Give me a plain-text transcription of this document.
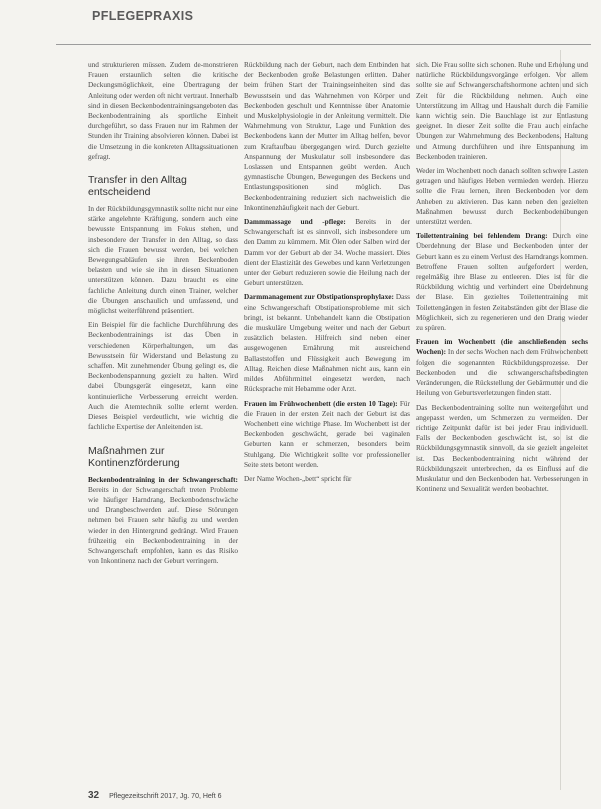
PFLEGEPRAXIS

und strukturieren müssen. Zudem de-monstrieren Frauen erstaunlich selten die kritische Deckungsmöglichkeit, eine Übertragung der Anleitung oder werden oft nicht vertraut. Innerhalb sind in diesen Beckenbodentrainingsangeboten das Beckenbodentraining als sportliche Einheit durchgeführt, so dass Frauen nur im Rahmen der Stunden ihr Training absolvieren können. Dabei ist die Umsetzung in die konkreten Alltagssituationen gefragt.

Transfer in den Alltag entscheidend

In der Rückbildungsgymnastik sollte nicht nur eine stärke angelehnte Kräftigung, sondern auch eine bewusste Entspannung im Fokus stehen, und insbesondere der Transfer in den Alltag, so dass sich die Frauen bewusst werden, bei welchen Bewegungsabläufen sie ihren Beckenboden belasten und wie sie ihn in diesen Situationen unterstützen können. Dazu braucht es eine fachliche Anleitung durch einen Trainer, welcher die Übungen anschaulich und umfassend, und möglichst weiterführend präsentiert.

Ein Beispiel für die fachliche Durchführung des Beckenbodentrainings ist das Üben in verschiedenen Körperhaltungen, um das Bewusstsein für Widerstand und Belastung zu schaffen. Mit zunehmender Übung gelingt es, die Beckenbodenspannung gezielt zu halten. Wird dabei Übungsgerät eingesetzt, kann eine kontinuierliche Verbesserung erreicht werden. Auch die Atemtechnik sollte erlernt werden. Dieses Beispiel verdeutlicht, wie wichtig die fachliche Expertise der Anleitenden ist.

Maßnahmen zur Kontinenzförderung

Beckenbodentraining in der Schwangerschaft: Bereits in der Schwangerschaft treten Probleme wie häufiger Harndrang, Beckenbodenschwäche und Drangbeschwerden auf. Diese Störungen nehmen bei Frauen sehr häufig zu und werden wieder in den Hintergrund gedrängt. Wird Frauen frühzeitig ein Beckenbodentraining in der Schwangerschaft empfohlen, kann es das Risiko von Inkontinenz nach der Geburt verringern.

Rückbildung nach der Geburt, nach dem Entbinden hat der Beckenboden große Belastungen erlitten. Daher beim frühen Start der Trainingseinheiten sind das Bewusstsein und das Wahrnehmen von Körper und Beckenboden geschult und Kenntnisse über Anatomie und Muskelphysiologie in der Anleitung vermittelt. Die Wahrnehmung von Struktur, Lage und Funktion des Beckenbodens kann der Mutter im Alltag helfen, bevor zum Kraftaufbau übergegangen wird. Durch gezielte Anspannung der Muskulatur soll insbesondere das Loslassen und Entspannen geübt werden. Auch gymnastische Übungen, Bewegungen des Beckens und Entlastungspositionen sind möglich. Das Beckenbodentraining reduziert sich nachweislich die Inkontinenzhäufigkeit nach der Geburt.

Dammmassage und -pflege: Bereits in der Schwangerschaft ist es sinnvoll, sich insbesondere um den Damm zu kümmern. Mit Ölen oder Salben wird der Damm vor der Geburt ab der 34. Woche massiert. Dies dient der Elastizität des Gewebes und kann Verletzungen unter der Geburt reduzieren sowie die Heilung nach der Geburt unterstützen.

Darmmanagement zur Obstipationsprophylaxe: Dass eine Schwangerschaft Obstipationsprobleme mit sich bringt, ist bekannt. Unbehandelt kann die Obstipation die muskuläre Umgebung weiter und nach der Geburt zusätzlich belasten. Hilfreich sind neben einer ausgewogenen Ernährung mit ausreichend Ballaststoffen und Flüssigkeit auch Bewegung im Alltag. Reichen diese Maßnahmen nicht aus, kann ein mildes Abführmittel eingesetzt werden, nach Rücksprache mit Hebamme oder Arzt.

Frauen im Frühwochenbett (die ersten 10 Tage): Für die Frauen in der ersten Zeit nach der Geburt ist das Wochenbett eine wichtige Phase. Im Wochenbett ist der Beckenboden geschwächt, gerade bei vaginalen Geburten kann er schmerzen, besonders beim Stuhlgang. Die Wichtigkeit sollte vor professioneller Seite stets betont werden.

Der Name Wochen-„bett“ spricht für

sich. Die Frau sollte sich schonen. Ruhe und Erholung und natürliche Rückbildungsvorgänge erfolgen. Vor allem sollte sie auf Schwangerschaftshormone achten und sich Zeit für die Rückbildung nehmen. Auch eine Unterstützung im Alltag und Haushalt durch die Familie kann wichtig sein. Die Bauchlage ist zur Entlastung geeignet. In dieser Zeit sollte die Frau auch einfache Übungen zur Wahrnehmung des Beckenbodens, Haltung und Atmung durchführen und ihre Entspannung im Beckenboden trainieren.

Weder im Wochenbett noch danach sollten schwere Lasten getragen und häufiges Heben vermieden werden. Hierzu sollte die Frau lernen, ihren Beckenboden vor dem Anheben zu aktivieren. Das kann neben den gezielten Maßnahmen bewusst durch Beckenbodenübungen unterstützt werden.

Toilettentraining bei fehlendem Drang: Durch eine Überdehnung der Blase und Beckenboden unter der Geburt kann es zu einem Verlust des Harndrangs kommen. Betroffene Frauen sollten aufgefordert werden, regelmäßig ihre Blase zu entleeren. Dies ist für die Rückbildung wichtig und verhindert eine Überdehnung der Blase. Ein gezieltes Toilettentraining mit Toilettengängen in festen Zeitabständen gibt der Blase die Möglichkeit, sich zu regenerieren und den Drang wieder zu spüren.

Frauen im Wochenbett (die anschließenden sechs Wochen): In der sechs Wochen nach dem Frühwochenbett folgen die sogenannten Rückbildungsprozesse. Der Beckenboden und die schwangerschaftsbedingten Veränderungen, die Rückstellung der Gebärmutter und die Heilung von Geburtsverletzungen finden statt.

Das Beckenbodentraining sollte nun weitergeführt und angepasst werden, um Schmerzen zu vermeiden. Der richtige Zeitpunkt dafür ist bei jeder Frau individuell. Falls der Beckenboden geschwächt ist, so ist die Rückbildungsgymnastik sinnvoll, da sie gezielt angeleitet ist. Das Beckenbodentraining nicht während der Rückbildungszeit unterbrechen, da es Einfluss auf die Muskulatur und den Beckenboden hat. Verbesserungen in Kontinenz und Sexualität werden beobachtet.

32 Pflegezeitschrift 2017, Jg. 70, Heft 6
